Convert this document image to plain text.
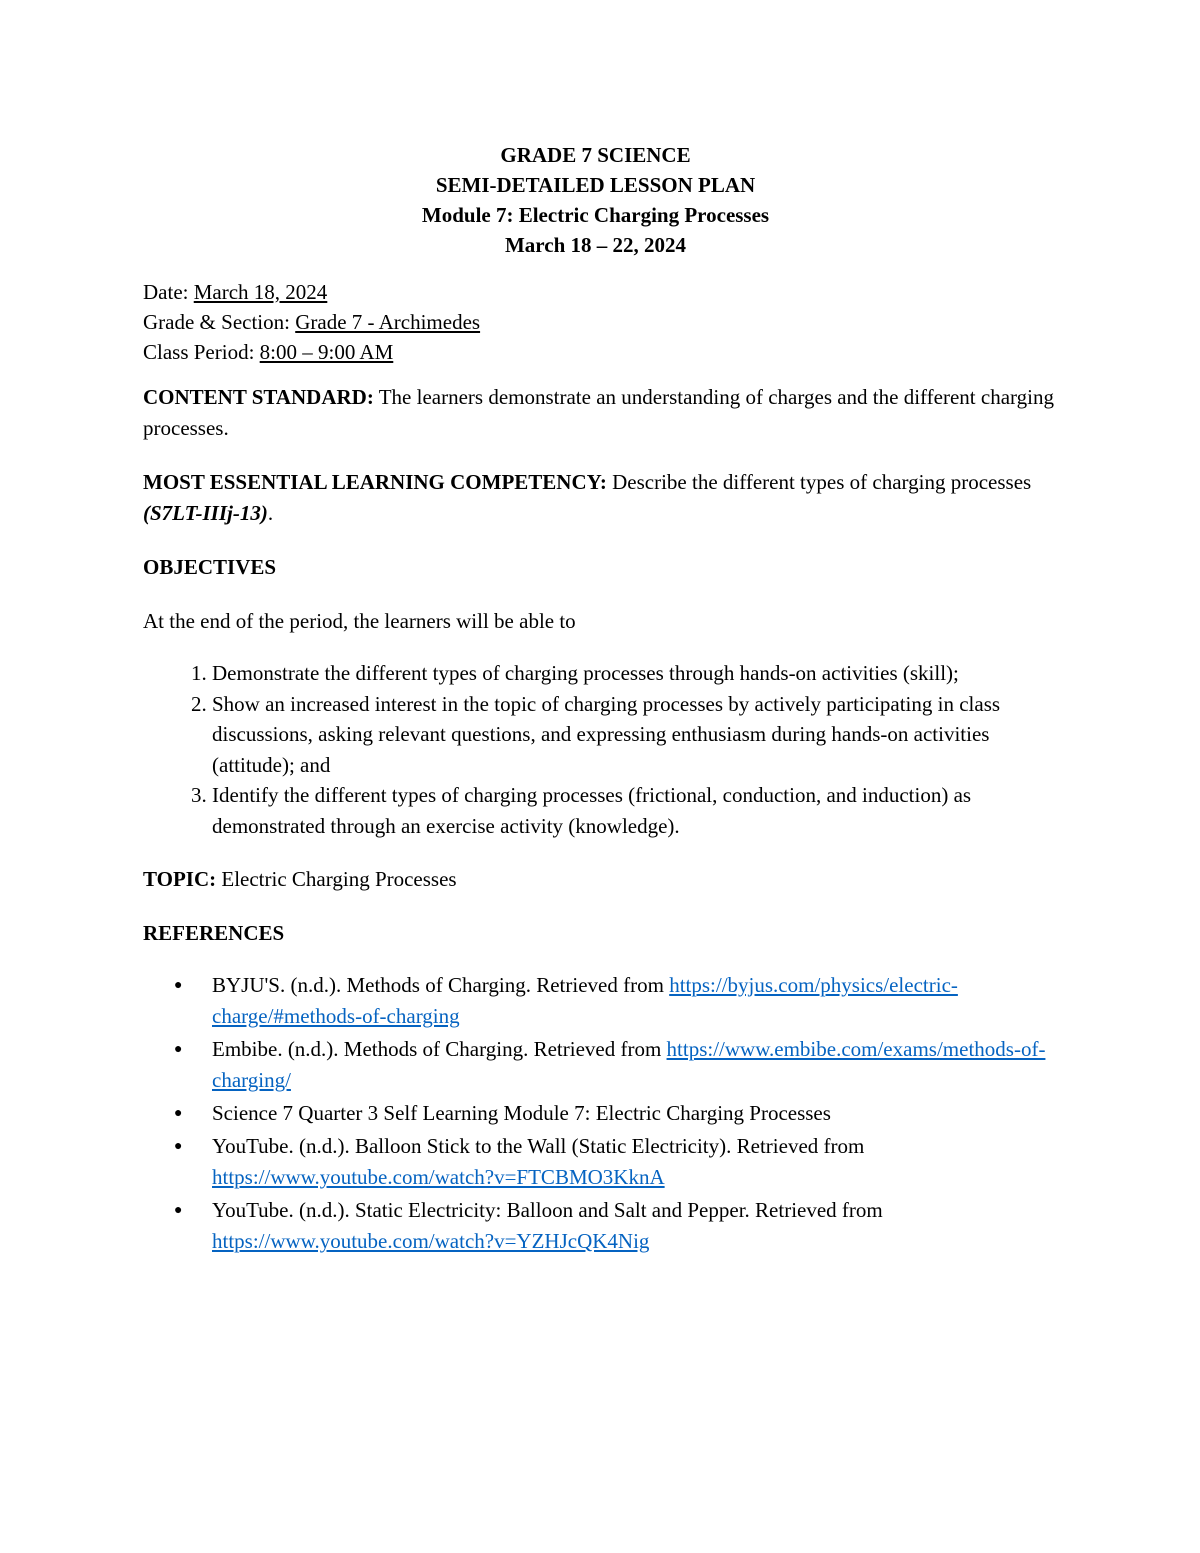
GRADE 7 SCIENCE
SEMI-DETAILED LESSON PLAN
Module 7: Electric Charging Processes
March 18 – 22, 2024
Date: March 18, 2024
Grade & Section: Grade 7 - Archimedes
Class Period: 8:00 – 9:00 AM
CONTENT STANDARD: The learners demonstrate an understanding of charges and the different charging processes.
MOST ESSENTIAL LEARNING COMPETENCY: Describe the different types of charging processes (S7LT-IIIj-13).
OBJECTIVES
At the end of the period, the learners will be able to
1. Demonstrate the different types of charging processes through hands-on activities (skill);
2. Show an increased interest in the topic of charging processes by actively participating in class discussions, asking relevant questions, and expressing enthusiasm during hands-on activities (attitude); and
3. Identify the different types of charging processes (frictional, conduction, and induction) as demonstrated through an exercise activity (knowledge).
TOPIC: Electric Charging Processes
REFERENCES
● BYJU'S. (n.d.). Methods of Charging. Retrieved from https://byjus.com/physics/electric-charge/#methods-of-charging
● Embibe. (n.d.). Methods of Charging. Retrieved from https://www.embibe.com/exams/methods-of-charging/
● Science 7 Quarter 3 Self Learning Module 7: Electric Charging Processes
● YouTube. (n.d.). Balloon Stick to the Wall (Static Electricity). Retrieved from https://www.youtube.com/watch?v=FTCBMO3KknA
● YouTube. (n.d.). Static Electricity: Balloon and Salt and Pepper. Retrieved from https://www.youtube.com/watch?v=YZHJcQK4Nig
